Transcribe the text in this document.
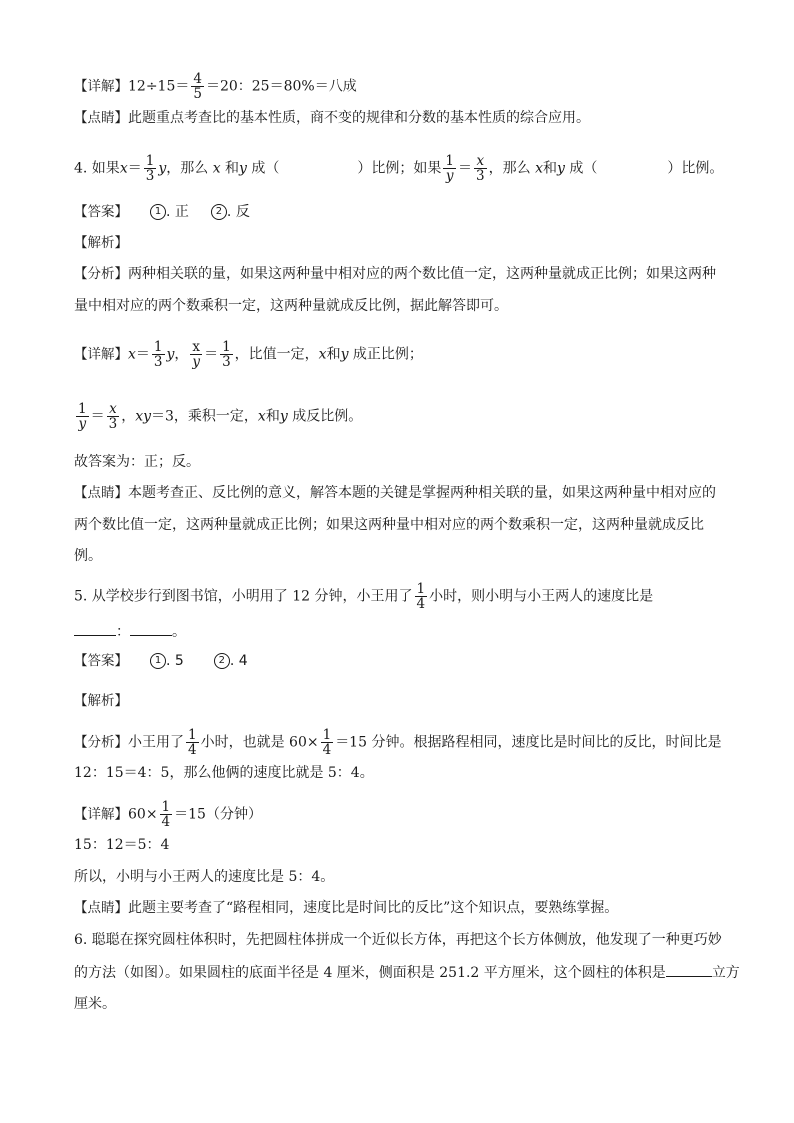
【详解】$12\div 15= \frac{4}{5} =20$：25＝80%＝八成
【点睛】此题重点考查比的基本性质，商不变的规律和分数的基本性质的综合应用。
4. 如果$x= \frac{1}{3}$ y，那么 x 和y 成（	）比例；如果 $\frac{1}{y} = \frac{x}{3}$ ，那么 x和y 成（	）比例。
【答案】	1 . 正	2 . 反
【解析】
【分析】两种相关联的量，如果这两种量中相对应的两个数比值一定，这两种量就成正比例；如果这两种
量中相对应的两个数乘积一定，这两种量就成反比例，据此解答即可。
【详解】$x= \frac{1}{3}$ y， $\frac{x}{y} = \frac{1}{3}$ ，比值一定，x和y 成正比例；
$\frac{1}{y} = \frac{x}{3}$ ，xy＝3，乘积一定，x和y 成反比例。
故答案为：正；反。
【点睛】本题考查正、反比例的意义，解答本题的关键是掌握两种相关联的量，如果这两种量中相对应的
两个数比值一定，这两种量就成正比例；如果这两种量中相对应的两个数乘积一定，这两种量就成反比
例。
5. 从学校步行到图书馆，小明用了 12 分钟，小王用了 $\frac{1}{4}$ 小时，则小明与小王两人的速度比是
：	。
【答案】	1 . 5	2 . 4
【解析】
【分析】小王用了 $\frac{1}{4}$ 小时，也就是 $60\times \frac{1}{4} =15$ 分钟。根据路程相同，速度比是时间比的反比，时间比是
12：15＝4：5，那么他俩的速度比就是 5：4。
【详解】$60\times \frac{1}{4} =15$（分钟）
15：12＝5：4
所以，小明与小王两人的速度比是 5：4。
【点睛】此题主要考查了“路程相同，速度比是时间比的反比”这个知识点，要熟练掌握。
6. 聪聪在探究圆柱体积时，先把圆柱体拼成一个近似长方体，再把这个长方体侧放，他发现了一种更巧妙
的方法（如图）。如果圆柱的底面半径是 4 厘米，侧面积是 251.2 平方厘米，这个圆柱的体积是	立方
厘米。
